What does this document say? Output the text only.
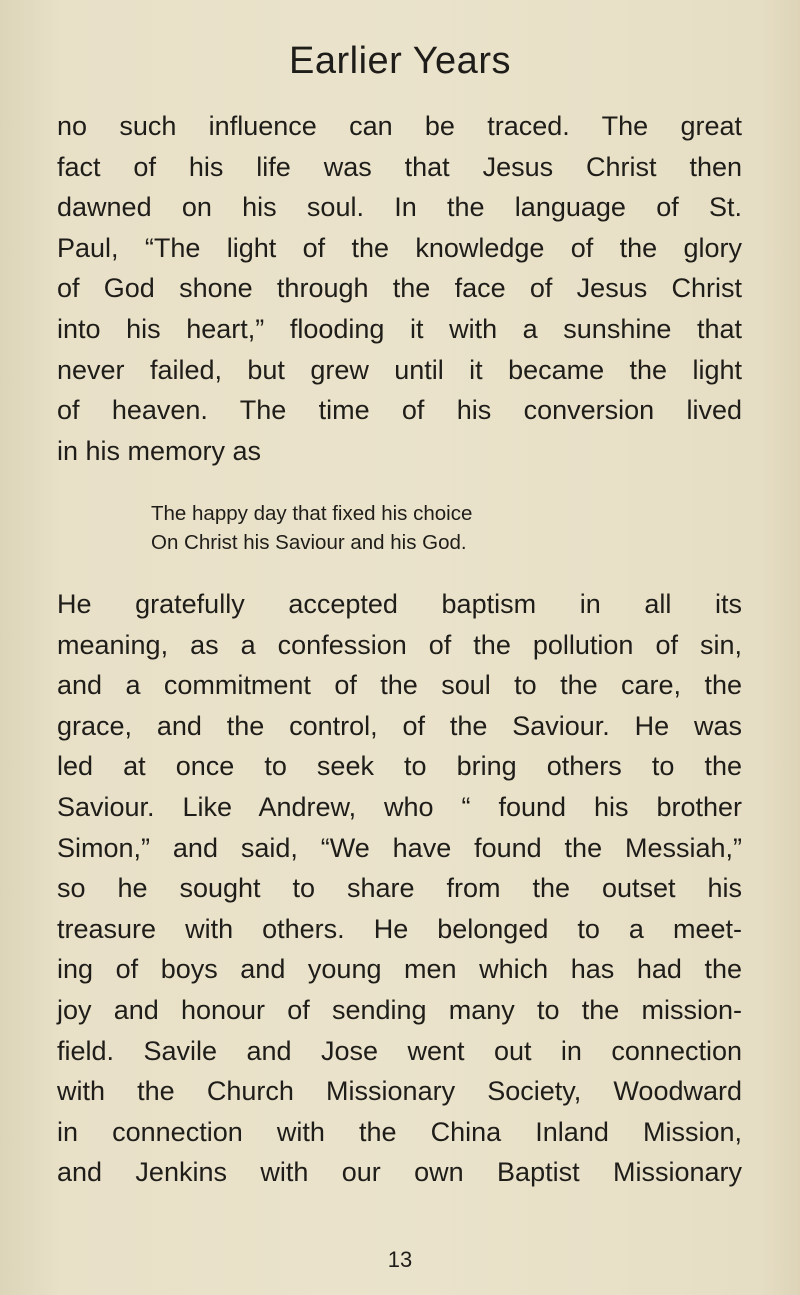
Earlier Years
no such influence can be traced. The great
fact of his life was that Jesus Christ then
dawned on his soul. In the language of St.
Paul, “The light of the knowledge of the glory
of God shone through the face of Jesus Christ
into his heart,” flooding it with a sunshine that
never failed, but grew until it became the light
of heaven. The time of his conversion lived
in his memory as
The happy day that fixed his choice
On Christ his Saviour and his God.
He gratefully accepted baptism in all its
meaning, as a confession of the pollution of sin,
and a commitment of the soul to the care, the
grace, and the control, of the Saviour. He was
led at once to seek to bring others to the
Saviour. Like Andrew, who “ found his brother
Simon,” and said, “We have found the Messiah,”
so he sought to share from the outset his
treasure with others. He belonged to a meet-
ing of boys and young men which has had the
joy and honour of sending many to the mission-
field. Savile and Jose went out in connection
with the Church Missionary Society, Woodward
in connection with the China Inland Mission,
and Jenkins with our own Baptist Missionary
13
